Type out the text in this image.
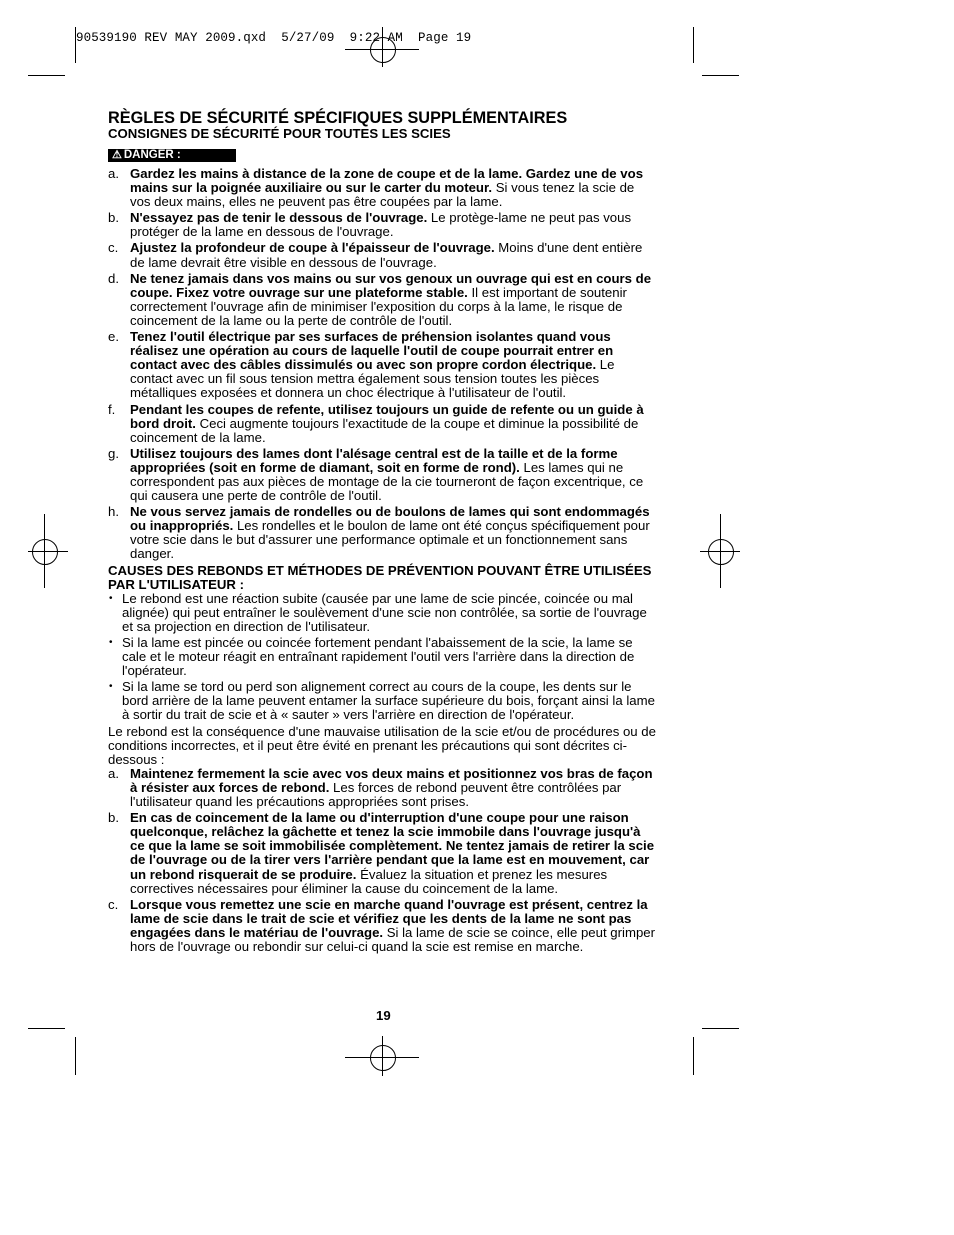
90539190 REV MAY 2009.qxd  5/27/09  9:22 AM  Page 19
RÈGLES DE SÉCURITÉ SPÉCIFIQUES SUPPLÉMENTAIRES
CONSIGNES DE SÉCURITÉ POUR TOUTES LES SCIES
⚠ DANGER :
a. Gardez les mains à distance de la zone de coupe et de la lame. Gardez une de vos mains sur la poignée auxiliaire ou sur le carter du moteur. Si vous tenez la scie de vos deux mains, elles ne peuvent pas être coupées par la lame.
b. N'essayez pas de tenir le dessous de l'ouvrage. Le protège-lame ne peut pas vous protéger de la lame en dessous de l'ouvrage.
c. Ajustez la profondeur de coupe à l'épaisseur de l'ouvrage. Moins d'une dent entière de lame devrait être visible en dessous de l'ouvrage.
d. Ne tenez jamais dans vos mains ou sur vos genoux un ouvrage qui est en cours de coupe. Fixez votre ouvrage sur une plateforme stable. Il est important de soutenir correctement l'ouvrage afin de minimiser l'exposition du corps à la lame, le risque de coincement de la lame ou la perte de contrôle de l'outil.
e. Tenez l'outil électrique par ses surfaces de préhension isolantes quand vous réalisez une opération au cours de laquelle l'outil de coupe pourrait entrer en contact avec des câbles dissimulés ou avec son propre cordon électrique. Le contact avec un fil sous tension mettra également sous tension toutes les pièces métalliques exposées et donnera un choc électrique à l'utilisateur de l'outil.
f.	Pendant les coupes de refente, utilisez toujours un guide de refente ou un guide à bord droit. Ceci augmente toujours l'exactitude de la coupe et diminue la possibilité de coincement de la lame.
g. Utilisez toujours des lames dont l'alésage central est de la taille et de la forme appropriées (soit en forme de diamant, soit en forme de rond). Les lames qui ne correspondent pas aux pièces de montage de la cie tourneront de façon excentrique, ce qui causera une perte de contrôle de l'outil.
h. Ne vous servez jamais de rondelles ou de boulons de lames qui sont endommagés ou inappropriés. Les rondelles et le boulon de lame ont été conçus spécifiquement pour votre scie dans le but d'assurer une performance optimale et un fonctionnement sans danger.
CAUSES DES REBONDS ET MÉTHODES DE PRÉVENTION POUVANT ÊTRE UTILISÉES PAR L'UTILISATEUR :
• Le rebond est une réaction subite (causée par une lame de scie pincée, coincée ou mal alignée) qui peut entraîner le soulèvement d'une scie non contrôlée, sa sortie de l'ouvrage et sa projection en direction de l'utilisateur.
• Si la lame est pincée ou coincée fortement pendant l'abaissement de la scie, la lame se cale et le moteur réagit en entraînant rapidement l'outil vers l'arrière dans la direction de l'opérateur.
• Si la lame se tord ou perd son alignement correct au cours de la coupe, les dents sur le bord arrière de la lame peuvent entamer la surface supérieure du bois, forçant ainsi la lame à sortir du trait de scie et à « sauter » vers l'arrière en direction de l'opérateur.

Le rebond est la conséquence d'une mauvaise utilisation de la scie et/ou de procédures ou de conditions incorrectes, et il peut être évité en prenant les précautions qui sont décrites ci-dessous :

a. Maintenez fermement la scie avec vos deux mains et positionnez vos bras de façon à résister aux forces de rebond. Les forces de rebond peuvent être contrôlées par l'utilisateur quand les précautions appropriées sont prises.
b. En cas de coincement de la lame ou d'interruption d'une coupe pour une raison quelconque, relâchez la gâchette et tenez la scie immobile dans l'ouvrage jusqu'à ce que la lame se soit immobilisée complètement. Ne tentez jamais de retirer la scie de l'ouvrage ou de la tirer vers l'arrière pendant que la lame est en mouvement, car un rebond risquerait de se produire. Évaluez la situation et prenez les mesures correctives nécessaires pour éliminer la cause du coincement de la lame.
c. Lorsque vous remettez une scie en marche quand l'ouvrage est présent, centrez la lame de scie dans le trait de scie et vérifiez que les dents de la lame ne sont pas engagées dans le matériau de l'ouvrage. Si la lame de scie se coince, elle peut grimper hors de l'ouvrage ou rebondir sur celui-ci quand la scie est remise en marche.
19
